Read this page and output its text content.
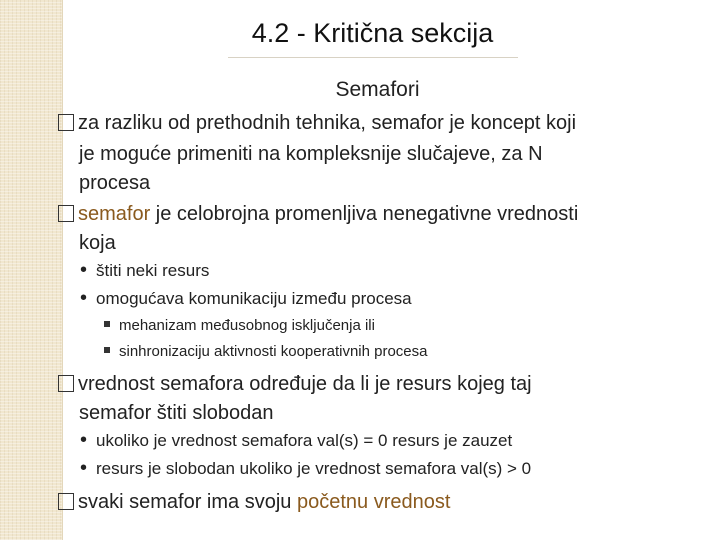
4.2 - Kritična sekcija
Semafori
za razliku od prethodnih tehnika, semafor je koncept koji
je moguće primeniti na kompleksnije slučajeve, za N
procesa
semafor je celobrojna promenljiva nenegativne vrednosti
koja
• štiti neki resurs
• omogućava komunikaciju između procesa
mehanizam međusobnog isključenja ili
sinhronizaciju aktivnosti kooperativnih procesa
vrednost semafora određuje da li je resurs kojeg taj
semafor štiti slobodan
• ukoliko je vrednost semafora val(s) = 0 resurs je zauzet
• resurs je slobodan ukoliko je vrednost semafora val(s) > 0
svaki semafor ima svoju početnu vrednost
